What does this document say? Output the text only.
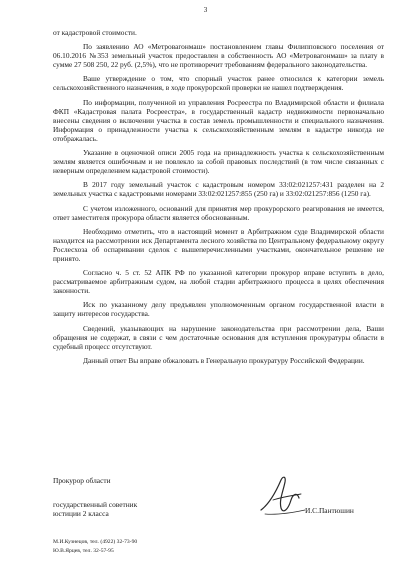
3

от кадастровой стоимости.

По заявлению АО «Метровагонмаш» постановлением главы Филипповского поселения от 06.10.2016 №353 земельный участок предоставлен в собственность АО «Метровагонмаш» за плату в сумме 27 508 250, 22 руб. (2,5%), что не противоречит требованиям федерального законодательства.

Ваше утверждение о том, что спорный участок ранее относился к категории земель сельскохозяйственного назначения, в ходе прокурорской проверки не нашел подтверждения.

По информации, полученной из управления Росреестра по Владимирской области и филиала ФКП «Кадастровая палата Росреестра», в государственный кадастр недвижимости первоначально внесены сведения о включении участка в состав земель промышленности и специального назначения. Информация о принадлежности участка к сельскохозяйственным землям в кадастре никогда не отображалась.

Указание в оценочной описи 2005 года на принадлежность участка к сельскохозяйственным землям является ошибочным и не повлекло за собой правовых последствий (в том числе связанных с неверным определением кадастровой стоимости).

В 2017 году земельный участок с кадастровым номером 33:02:021257:431 разделен на 2 земельных участка с кадастровыми номерами 33:02:021257:855 (250 га) и 33:02:021257:856 (1250 га).

С учетом изложенного, оснований для принятия мер прокурорского реагирования не имеется, ответ заместителя прокурора области является обоснованным.

Необходимо отметить, что в настоящий момент в Арбитражном суде Владимирской области находится на рассмотрении иск Департамента лесного хозяйства по Центральному федеральному округу Рослесхоза об оспаривании сделок с вышеперечисленными участками, окончательное решение не принято.

Согласно ч. 5 ст. 52 АПК РФ по указанной категории прокурор вправе вступить в дело, рассматриваемое арбитражным судом, на любой стадии арбитражного процесса в целях обеспечения законности.

Иск по указанному делу предъявлен уполномоченным органом государственной власти в защиту интересов государства.

Сведений, указывающих на нарушение законодательства при рассмотрении дела, Ваши обращения не содержат, в связи с чем достаточные основания для вступления прокуратуры области в судебный процесс отсутствуют.

Данный ответ Вы вправе обжаловать в Генеральную прокуратуру Российской Федерации.

Прокурор области
государственный советник
юстиции 2 класса	И.С.Пантюшин
М.И.Кузнецов, тел. (4922) 32-73-90
Ю.В.Ярцев, тел. 32-57-95
